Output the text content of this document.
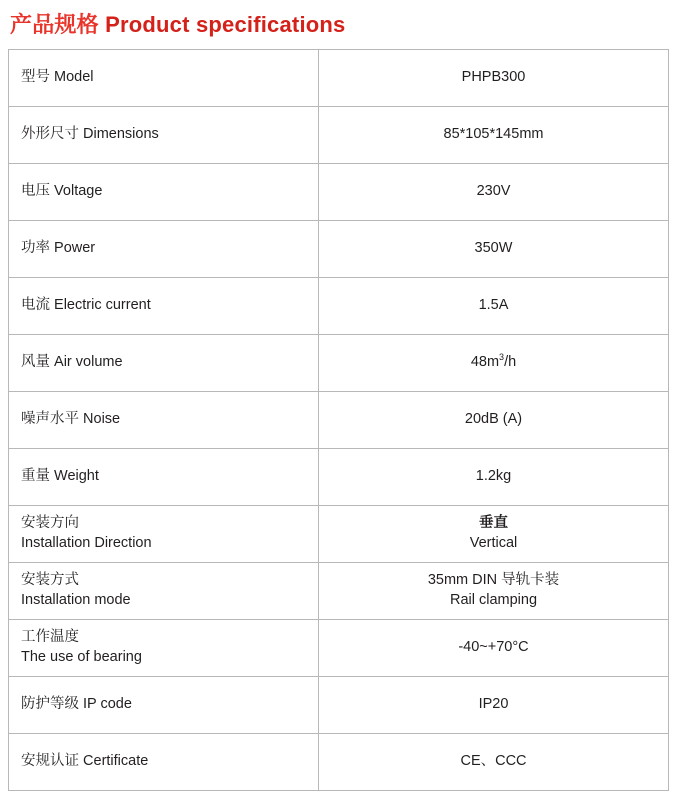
产品规格 Product specifications
型号 Model	PHPB300

外形尺寸 Dimensions	85*105*145mm

电压 Voltage	230V

功率 Power	350W

电流 Electric current	1.5A

风量 Air volume	$48m^3/h$

噪声水平 Noise	20dB (A)

重量 Weight	1.2kg

安装方向
Installation Direction	垂直
Vertical

安装方式
Installation mode	35mm DIN 导轨卡装
Rail clamping

工作温度
The use of bearing	-40~+70°C

防护等级 IP code	IP20

安规认证 Certificate	CE、CCC
